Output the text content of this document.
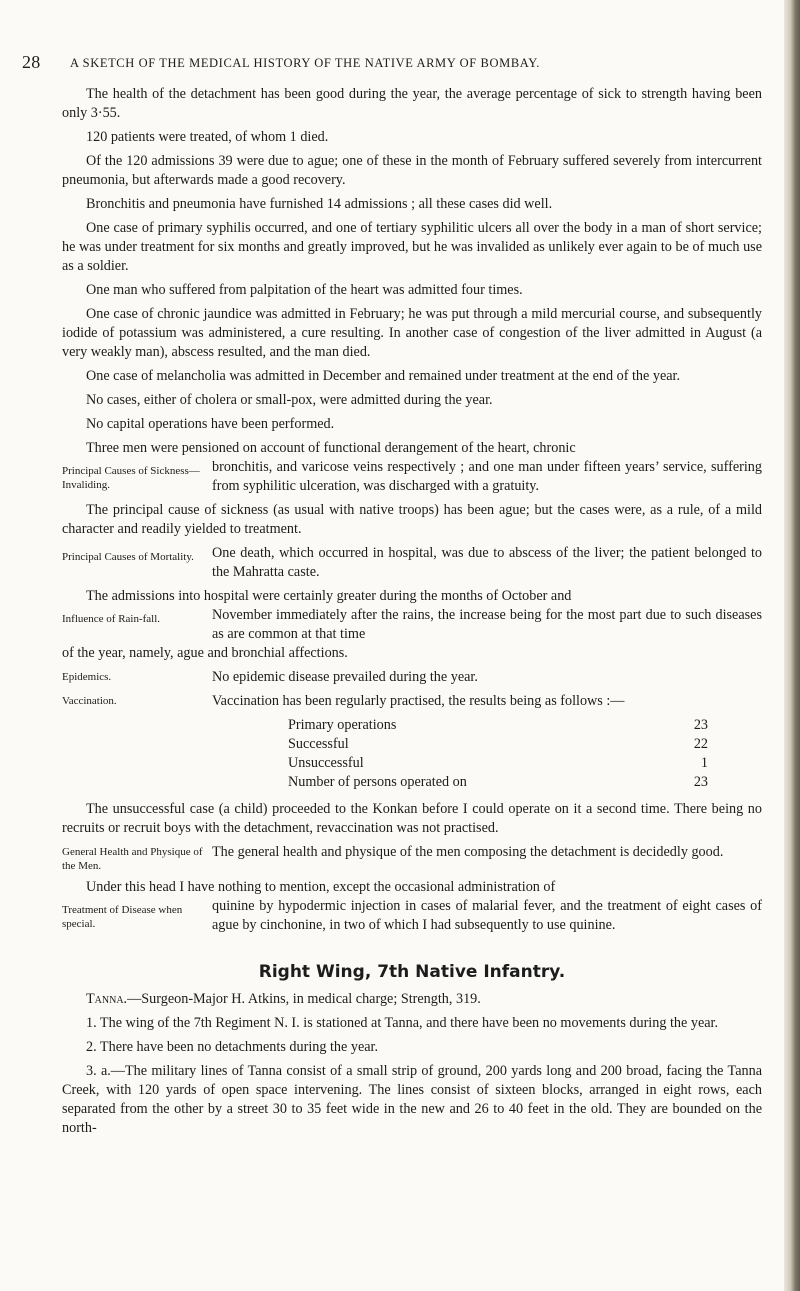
28 A SKETCH OF THE MEDICAL HISTORY OF THE NATIVE ARMY OF BOMBAY.

The health of the detachment has been good during the year, the average percentage of sick to strength having been only 3·55.

120 patients were treated, of whom 1 died.

Of the 120 admissions 39 were due to ague; one of these in the month of February suffered severely from intercurrent pneumonia, but afterwards made a good recovery.

Bronchitis and pneumonia have furnished 14 admissions ; all these cases did well.

One case of primary syphilis occurred, and one of tertiary syphilitic ulcers all over the body in a man of short service; he was under treatment for six months and greatly improved, but he was invalided as unlikely ever again to be of much use as a soldier.

One man who suffered from palpitation of the heart was admitted four times.

One case of chronic jaundice was admitted in February; he was put through a mild mercurial course, and subsequently iodide of potassium was administered, a cure resulting. In another case of congestion of the liver admitted in August (a very weakly man), abscess resulted, and the man died.

One case of melancholia was admitted in December and remained under treatment at the end of the year.

No cases, either of cholera or small-pox, were admitted during the year.

No capital operations have been performed.

Three men were pensioned on account of functional derangement of the heart, chronic

Principal Causes of Sickness— Invaliding.
bronchitis, and varicose veins respectively ; and one man under fifteen years’ service, suffering from syphilitic ulceration, was discharged with a gratuity.

The principal cause of sickness (as usual with native troops) has been ague; but the cases were, as a rule, of a mild character and readily yielded to treatment.

Principal Causes of Mortality.	One death, which occurred in hospital, was due to abscess of the liver; the patient belonged to the Mahratta caste.

The admissions into hospital were certainly greater during the months of October and

Influence of Rain-fall.	November immediately after the rains, the increase being for the most part due to such diseases as are common at that time

of the year, namely, ague and bronchial affections.

Epidemics.	No epidemic disease prevailed during the year.
Vaccination.	Vaccination has been regularly practised, the results being as follows :—
Primary operations	23
Successful	22
Unsuccessful	1
Number of persons operated on	23

The unsuccessful case (a child) proceeded to the Konkan before I could operate on it a second time. There being no recruits or recruit boys with the detachment, revaccination was not practised.

General Health and Physique of the Men.
The general health and physique of the men composing the detachment is decidedly good.

Under this head I have nothing to mention, except the occasional administration of

Treatment of Disease when special.
quinine by hypodermic injection in cases of malarial fever, and the treatment of eight cases of ague by cinchonine, in two of which I had subsequently to use quinine.
Right Wing, 7th Native Infantry.

Tanna.—Surgeon-Major H. Atkins, in medical charge; Strength, 319.

1. The wing of the 7th Regiment N. I. is stationed at Tanna, and there have been no movements during the year.

2. There have been no detachments during the year.

3. a.—The military lines of Tanna consist of a small strip of ground, 200 yards long and 200 broad, facing the Tanna Creek, with 120 yards of open space intervening. The lines consist of sixteen blocks, arranged in eight rows, each separated from the other by a street 30 to 35 feet wide in the new and 26 to 40 feet in the old. They are bounded on the north-
